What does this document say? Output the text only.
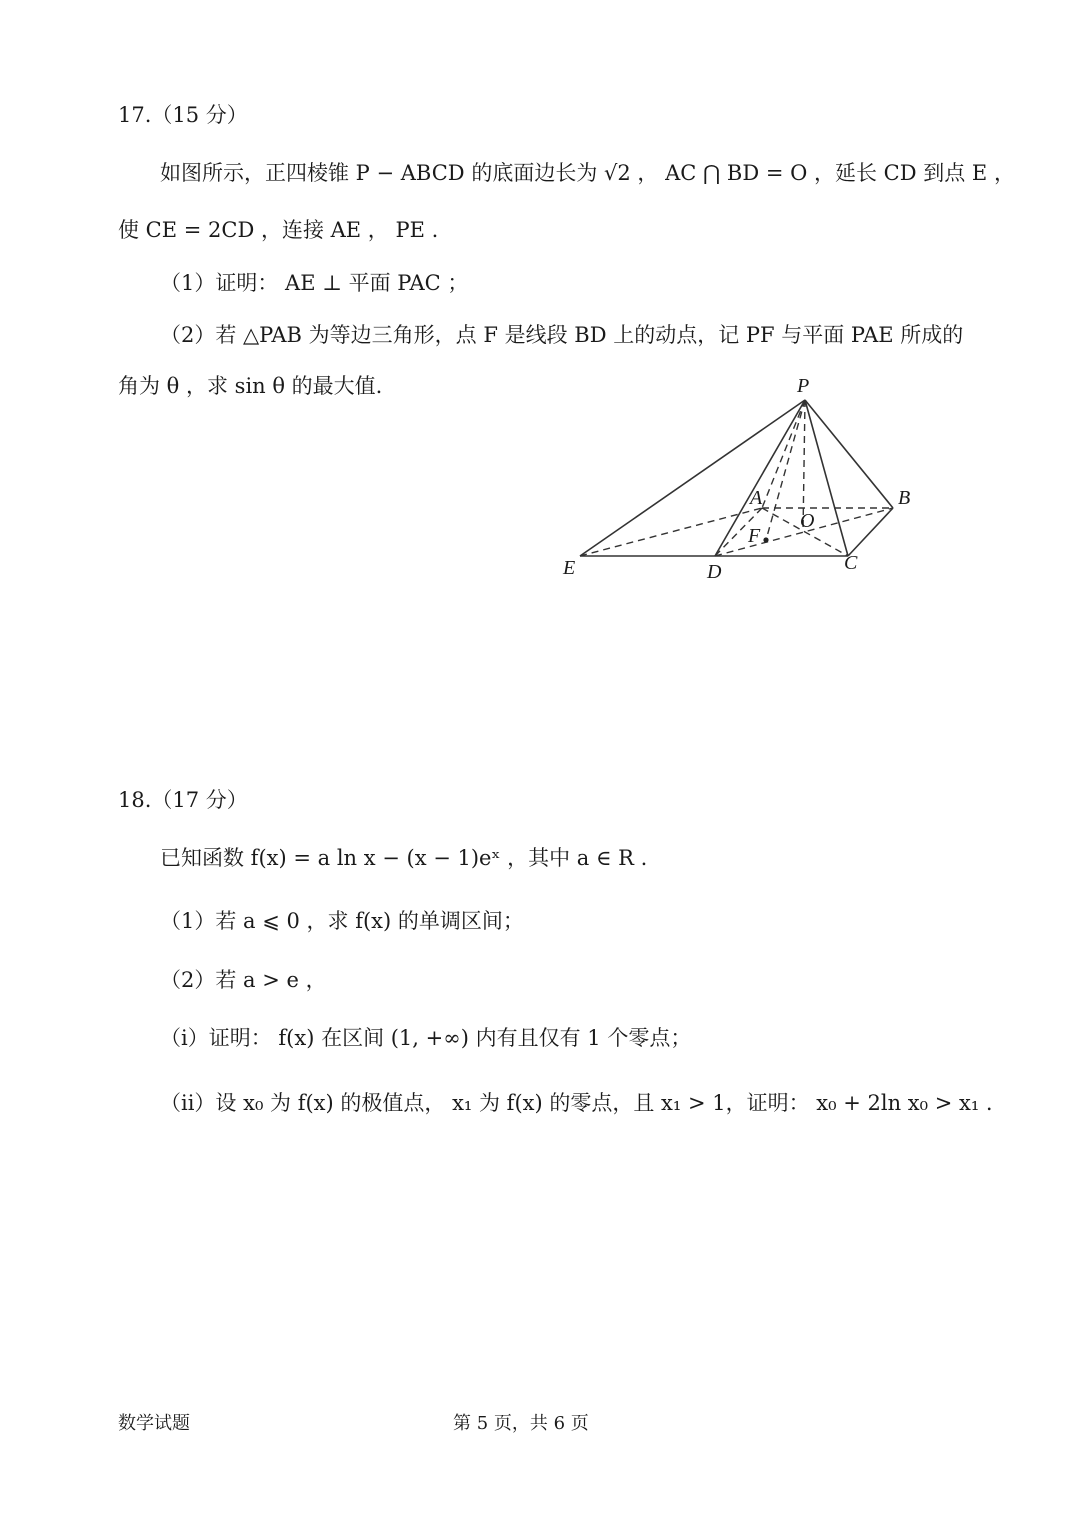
17.（15 分）
如图所示，正四棱锥 P − ABCD 的底面边长为 √2 ， AC ⋂ BD = O ，延长 CD 到点 E ，
使 CE = 2CD ，连接 AE ， PE .
（1）证明： AE ⊥ 平面 PAC ；
（2）若 △PAB 为等边三角形，点 F 是线段 BD 上的动点，记 PF 与平面 PAE 所成的
角为 θ ，求 sin θ 的最大值.	P
A	B
O
F
E	D	C
18.（17 分）
已知函数 f(x) = a ln x − (x − 1)eˣ ，其中 a ∈ R .
（1）若 a ⩽ 0 ，求 f(x) 的单调区间；
（2）若 a > e ，
（i）证明： f(x) 在区间 (1, +∞) 内有且仅有 1 个零点；
（ii）设 x₀ 为 f(x) 的极值点， x₁ 为 f(x) 的零点，且 x₁ > 1，证明： x₀ + 2ln x₀ > x₁ .
数学试题	第 5 页，共 6 页
